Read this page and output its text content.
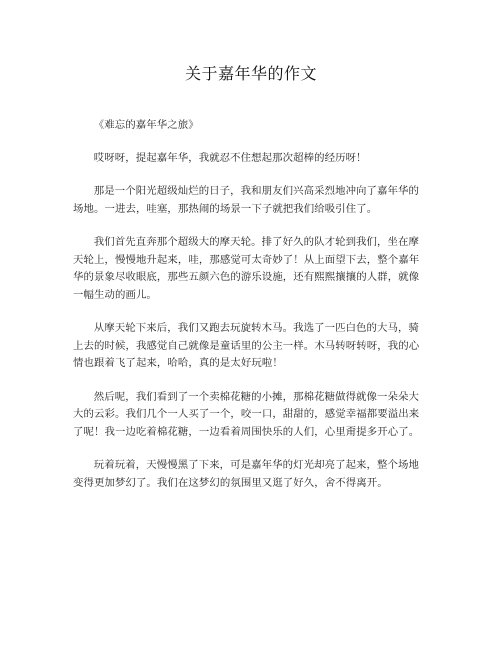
关于嘉年华的作文

《难忘的嘉年华之旅》

哎呀呀，提起嘉年华，我就忍不住想起那次超棒的经历呀！

那是一个阳光超级灿烂的日子，我和朋友们兴高采烈地冲向了嘉年华的场地。一进去，哇塞，那热闹的场景一下子就把我们给吸引住了。

我们首先直奔那个超级大的摩天轮。排了好久的队才轮到我们，坐在摩天轮上，慢慢地升起来，哇，那感觉可太奇妙了！从上面望下去，整个嘉年华的景象尽收眼底，那些五颜六色的游乐设施，还有熙熙攘攘的人群，就像一幅生动的画儿。

从摩天轮下来后，我们又跑去玩旋转木马。我选了一匹白色的大马，骑上去的时候，我感觉自己就像是童话里的公主一样。木马转呀转呀，我的心情也跟着飞了起来，哈哈，真的是太好玩啦！

然后呢，我们看到了一个卖棉花糖的小摊，那棉花糖做得就像一朵朵大大的云彩。我们几个一人买了一个，咬一口，甜甜的，感觉幸福都要溢出来了呢！我一边吃着棉花糖，一边看着周围快乐的人们，心里甭提多开心了。

玩着玩着，天慢慢黑了下来，可是嘉年华的灯光却亮了起来，整个场地变得更加梦幻了。我们在这梦幻的氛围里又逛了好久，舍不得离开。
